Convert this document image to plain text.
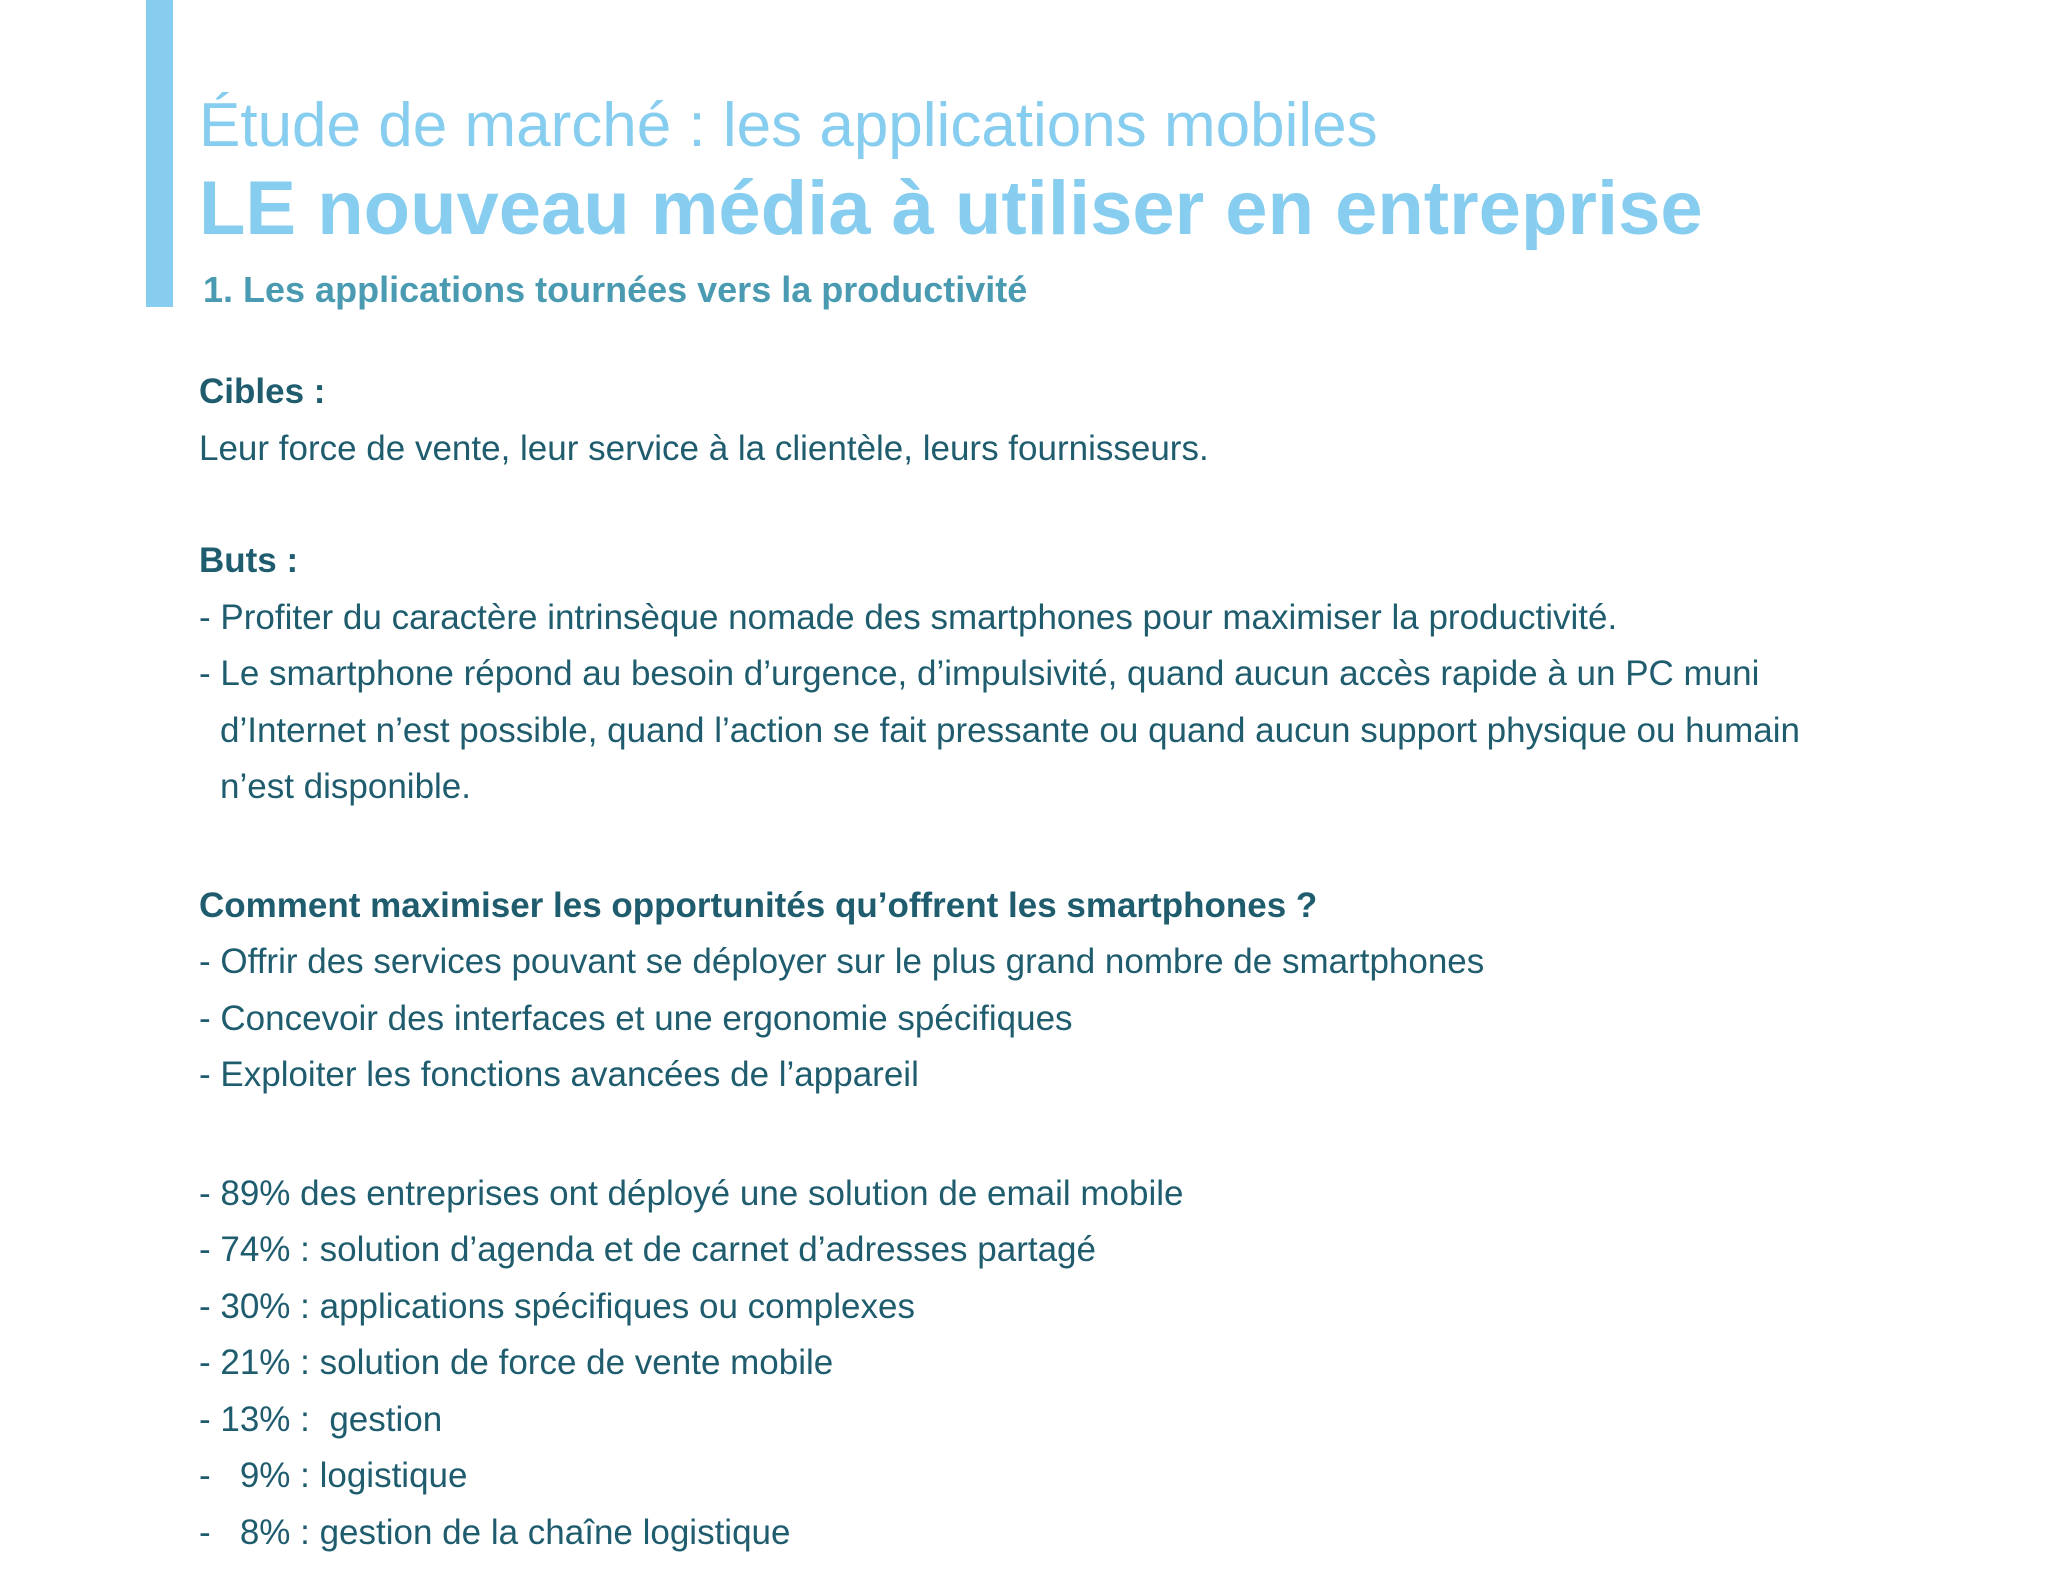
Étude de marché : les applications mobiles
LE nouveau média à utiliser en entreprise
1. Les applications tournées vers la productivité

Cibles :

Leur force de vente, leur service à la clientèle, leurs fournisseurs.

Buts :

- Profiter du caractère intrinsèque nomade des smartphones pour maximiser la productivité.
- Le smartphone répond au besoin d’urgence, d’impulsivité, quand aucun accès rapide à un PC muni d’Internet n’est possible, quand l’action se fait pressante ou quand aucun support physique ou humain n’est disponible.

Comment maximiser les opportunités qu’offrent les smartphones ?

- Offrir des services pouvant se déployer sur le plus grand nombre de smartphones
- Concevoir des interfaces et une ergonomie spécifiques
- Exploiter les fonctions avancées de l’appareil
- 89% des entreprises ont déployé une solution de email mobile
- 74% : solution d’agenda et de carnet d’adresses partagé
- 30% : applications spécifiques ou complexes
- 21% : solution de force de vente mobile
- 13% :  gestion
-   9% : logistique
-   8% : gestion de la chaîne logistique
